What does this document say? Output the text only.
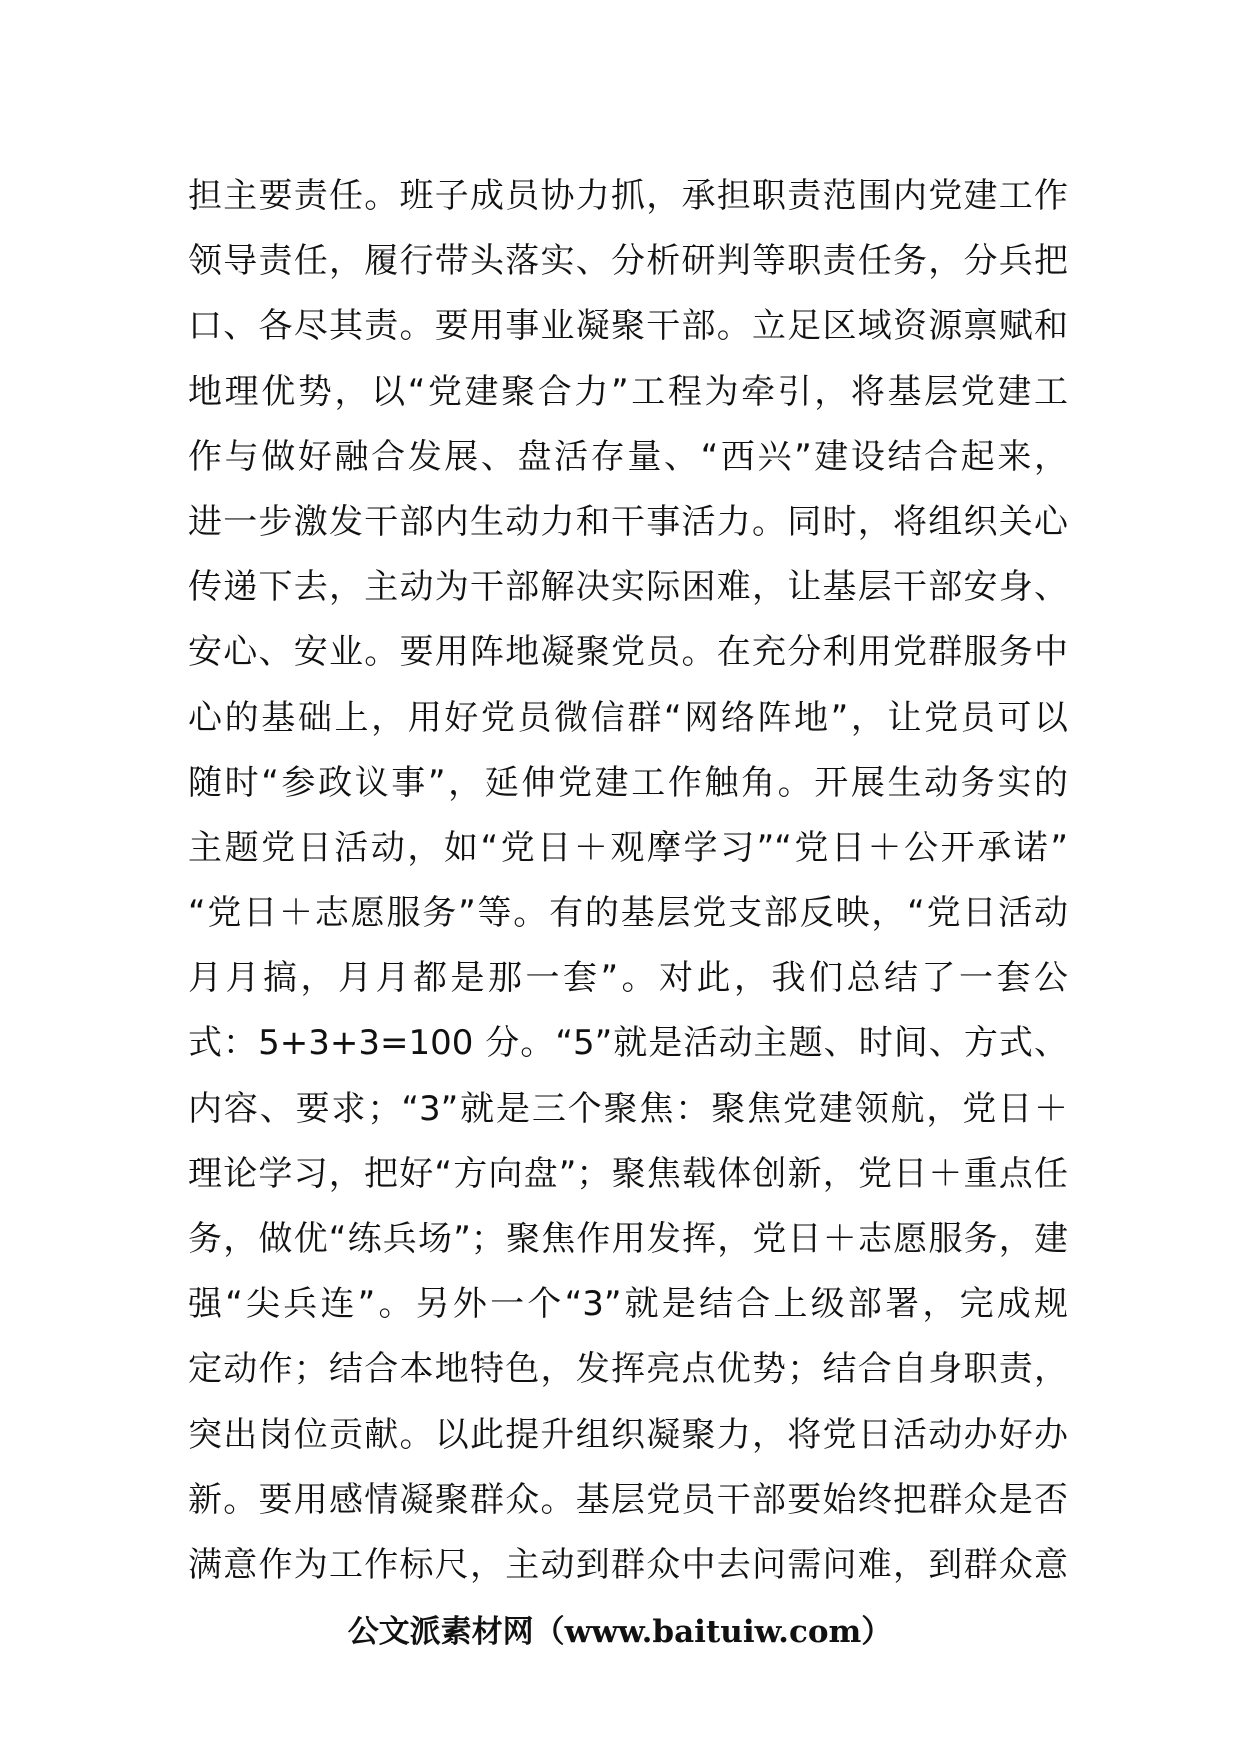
担主要责任。班子成员协力抓，承担职责范围内党建工作
领导责任，履行带头落实、分析研判等职责任务，分兵把
口、各尽其责。要用事业凝聚干部。立足区域资源禀赋和
地理优势，以“党建聚合力”工程为牵引，将基层党建工
作与做好融合发展、盘活存量、“西兴”建设结合起来，
进一步激发干部内生动力和干事活力。同时，将组织关心
传递下去，主动为干部解决实际困难，让基层干部安身、
安心、安业。要用阵地凝聚党员。在充分利用党群服务中
心的基础上，用好党员微信群“网络阵地”，让党员可以
随时“参政议事”，延伸党建工作触角。开展生动务实的
主题党日活动，如“党日＋观摩学习”“党日＋公开承诺”
“党日＋志愿服务”等。有的基层党支部反映，“党日活动
月月搞，月月都是那一套”。对此，我们总结了一套公
式：5+3+3=100 分。“5”就是活动主题、时间、方式、
内容、要求；“3”就是三个聚焦：聚焦党建领航，党日＋
理论学习，把好“方向盘”；聚焦载体创新，党日＋重点任
务，做优“练兵场”；聚焦作用发挥，党日＋志愿服务，建
强“尖兵连”。另外一个“3”就是结合上级部署，完成规
定动作；结合本地特色，发挥亮点优势；结合自身职责，
突出岗位贡献。以此提升组织凝聚力，将党日活动办好办
新。要用感情凝聚群众。基层党员干部要始终把群众是否
满意作为工作标尺，主动到群众中去问需问难，到群众意
公文派素材网（www.baituiw.com）
